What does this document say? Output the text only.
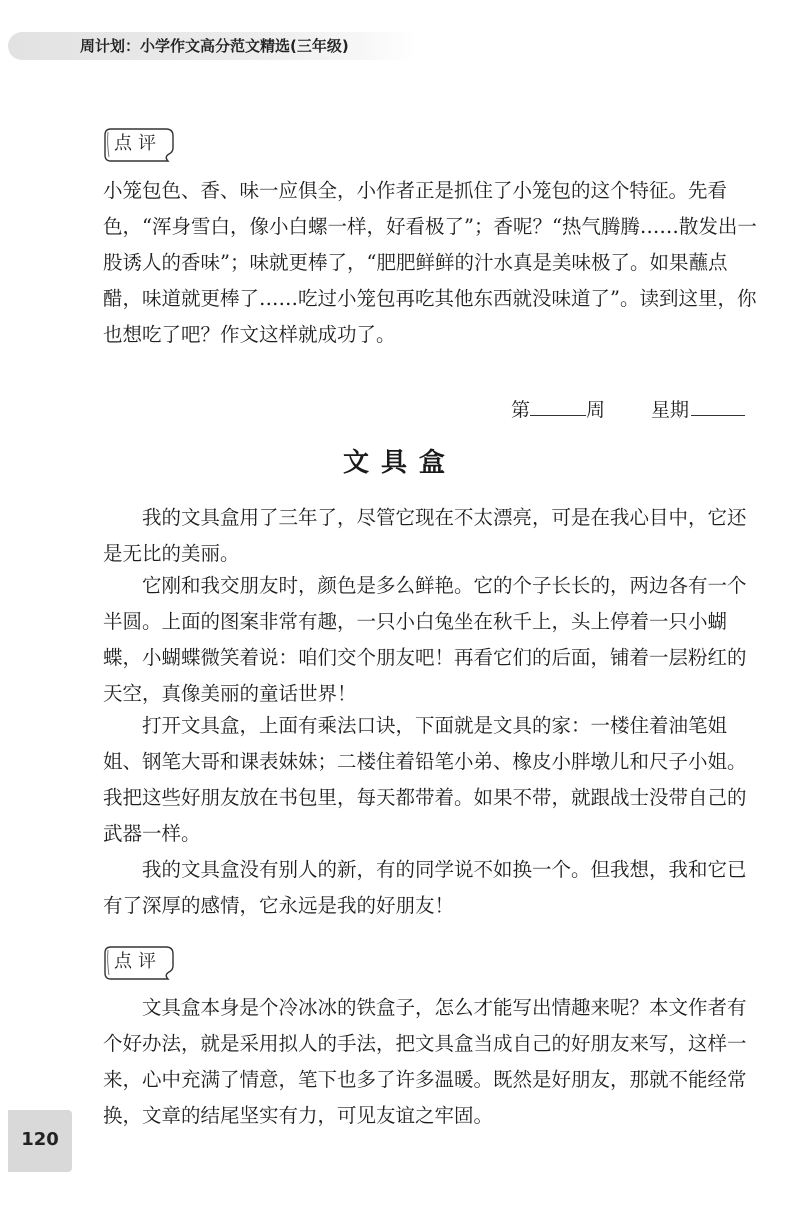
周计划：小学作文高分范文精选(三年级)
点评

小笼包色、香、味一应俱全，小作者正是抓住了小笼包的这个特征。先看色，“浑身雪白，像小白螺一样，好看极了”；香呢？“热气腾腾……散发出一股诱人的香味”；味就更棒了，“肥肥鲜鲜的汁水真是美味极了。如果蘸点醋，味道就更棒了……吃过小笼包再吃其他东西就没味道了”。读到这里，你也想吃了吧？作文这样就成功了。

第	周 星期
文具盒

我的文具盒用了三年了，尽管它现在不太漂亮，可是在我心目中，它还是无比的美丽。

它刚和我交朋友时，颜色是多么鲜艳。它的个子长长的，两边各有一个半圆。上面的图案非常有趣，一只小白兔坐在秋千上，头上停着一只小蝴蝶，小蝴蝶微笑着说：咱们交个朋友吧！再看它们的后面，铺着一层粉红的天空，真像美丽的童话世界！

打开文具盒，上面有乘法口诀，下面就是文具的家：一楼住着油笔姐姐、钢笔大哥和课表妹妹；二楼住着铅笔小弟、橡皮小胖墩儿和尺子小姐。我把这些好朋友放在书包里，每天都带着。如果不带，就跟战士没带自己的武器一样。

我的文具盒没有别人的新，有的同学说不如换一个。但我想，我和它已有了深厚的感情，它永远是我的好朋友！

点评

文具盒本身是个冷冰冰的铁盒子，怎么才能写出情趣来呢？本文作者有个好办法，就是采用拟人的手法，把文具盒当成自己的好朋友来写，这样一来，心中充满了情意，笔下也多了许多温暖。既然是好朋友，那就不能经常换，文章的结尾坚实有力，可见友谊之牢固。

120
